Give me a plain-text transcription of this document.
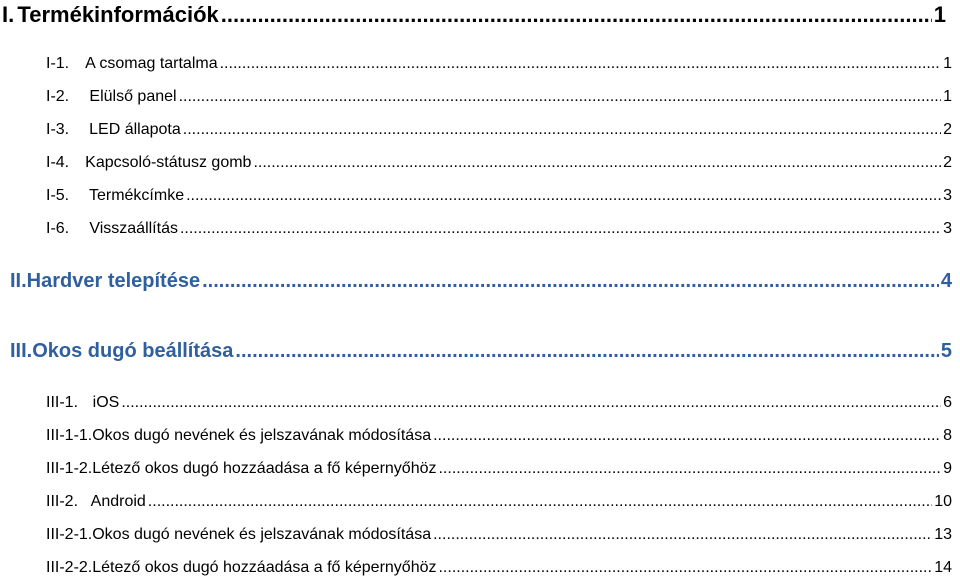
I. Termékinformációk .....	1
I-1. A csomag tartalma .....	1
I-2.	Elülső panel .....	1
I-3.	LED állapota .....	2
I-4.	Kapcsoló-státusz gomb .....	2
I-5.	Termékcímke .....	3
I-6.	Visszaállítás .....	3
II. Hardver telepítése .....	4
III. Okos dugó beállítása .....	5
III-1. iOS .....	6
III-1-1. Okos dugó nevének és jelszavának módosítása .....	8
III-1-2. Létező okos dugó hozzáadása a fő képernyőhöz .....	9
III-2. Android .....	10
III-2-1. Okos dugó nevének és jelszavának módosítása .....	13
III-2-2. Létező okos dugó hozzáadása a fő képernyőhöz .....	14
